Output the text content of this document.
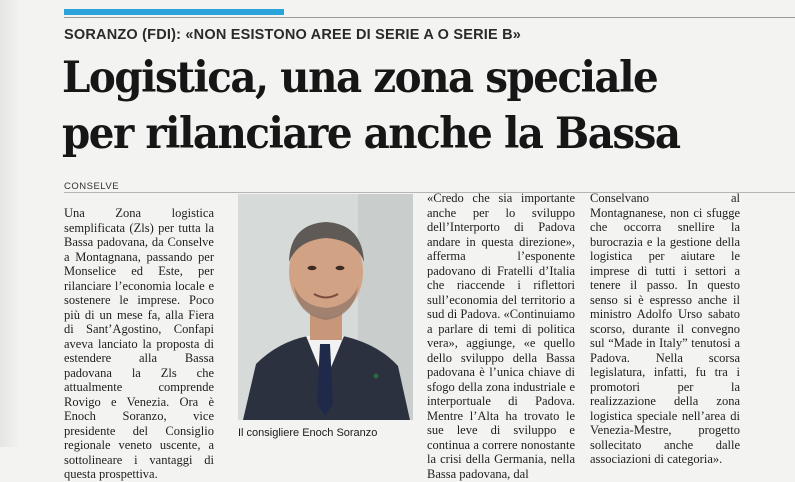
SORANZO (FDI): «NON ESISTONO AREE DI SERIE A O SERIE B»
Logistica, una zona speciale
per rilanciare anche la Bassa
CONSELVE

Una Zona logistica semplificata (Zls) per tutta la Bassa padovana, da Conselve a Montagnana, passando per Monselice ed Este, per rilanciare l’economia locale e sostenere le imprese. Poco più di un mese fa, alla Fiera di Sant’Agostino, Confapi aveva lanciato la proposta di estendere alla Bassa padovana la Zls che attualmente comprende Rovigo e Venezia. Ora è Enoch Soranzo, vice presidente del Consiglio regionale veneto uscente, a sottolineare i vantaggi di questa prospettiva.

Il consigliere Enoch Soranzo

«Credo che sia importante anche per lo sviluppo dell’Interporto di Padova andare in questa direzione», afferma l’esponente padovano di Fratelli d’Italia che riaccende i riflettori sull’economia del territorio a sud di Padova. «Continuiamo a parlare di temi di politica vera», aggiunge, «e quello dello sviluppo della Bassa padovana è l’unica chiave di sfogo della zona industriale e interportuale di Padova. Mentre l’Alta ha trovato le sue leve di sviluppo e continua a correre nonostante la crisi della Germania, nella Bassa padovana, dal

Conselvano al Montagnanese, non ci sfugge che occorra snellire la burocrazia e la gestione della logistica per aiutare le imprese di tutti i settori a tenere il passo. In questo senso si è espresso anche il ministro Adolfo Urso sabato scorso, durante il convegno sul “Made in Italy” tenutosi a Padova. Nella scorsa legislatura, infatti, fu tra i promotori per la realizzazione della zona logistica speciale nell’area di Venezia-Mestre, progetto sollecitato anche dalle associazioni di categoria».
